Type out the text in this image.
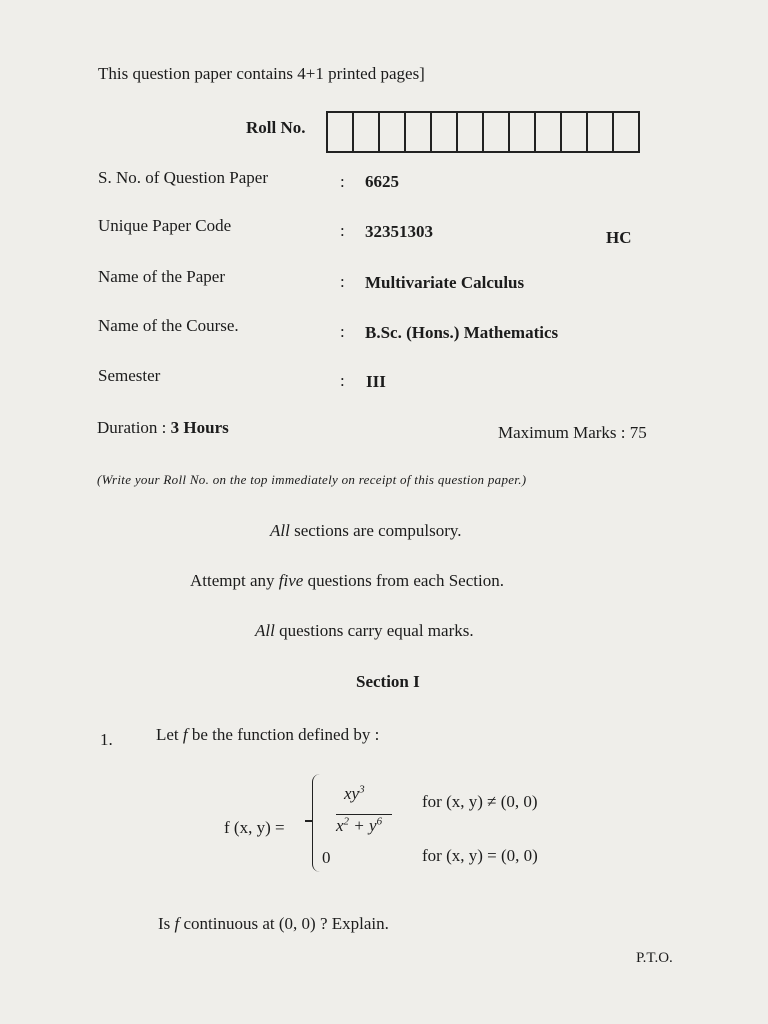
This question paper contains 4+1 printed pages]
Roll No.
S. No. of Question Paper	: 6625
Unique Paper Code	: 32351303	HC
Name of the Paper	: Multivariate Calculus
Name of the Course.	: B.Sc. (Hons.) Mathematics
Semester	: III
Duration : 3 Hours	Maximum Marks : 75
(Write your Roll No. on the top immediately on receipt of this question paper.)
All sections are compulsory.
Attempt any five questions from each Section.
All questions carry equal marks.
Section I
1.	Let f be the function defined by :
f (x, y) =
$xy^3$
$x^2 + y^6$
for (x, y) ≠ (0, 0)
0	for (x, y) = (0, 0)
Is f continuous at (0, 0) ? Explain.
P.T.O.
